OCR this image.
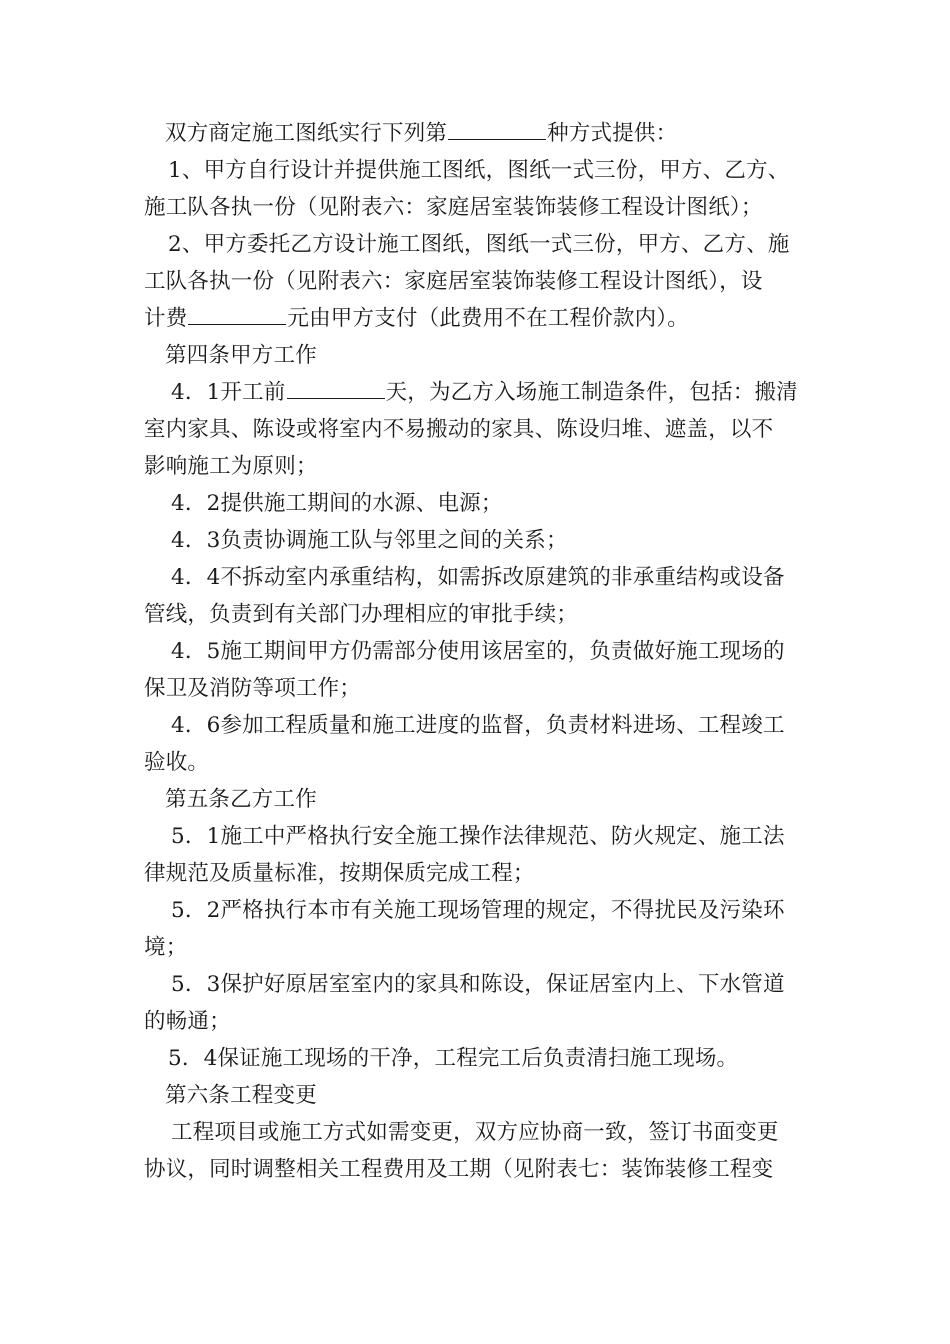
双方商定施工图纸实行下列第	种方式提供：
1、甲方自行设计并提供施工图纸，图纸一式三份，甲方、乙方、
施工队各执一份（见附表六：家庭居室装饰装修工程设计图纸）；
2、甲方委托乙方设计施工图纸，图纸一式三份，甲方、乙方、施
工队各执一份（见附表六：家庭居室装饰装修工程设计图纸），设
计费	元由甲方支付（此费用不在工程价款内）。
第四条甲方工作
4．1开工前	天，为乙方入场施工制造条件，包括：搬清
室内家具、陈设或将室内不易搬动的家具、陈设归堆、遮盖，以不
影响施工为原则；
4．2提供施工期间的水源、电源；
4．3负责协调施工队与邻里之间的关系；
4．4不拆动室内承重结构，如需拆改原建筑的非承重结构或设备
管线，负责到有关部门办理相应的审批手续；
4．5施工期间甲方仍需部分使用该居室的，负责做好施工现场的
保卫及消防等项工作；
4．6参加工程质量和施工进度的监督，负责材料进场、工程竣工
验收。
第五条乙方工作
5．1施工中严格执行安全施工操作法律规范、防火规定、施工法
律规范及质量标准，按期保质完成工程；
5．2严格执行本市有关施工现场管理的规定，不得扰民及污染环
境；
5．3保护好原居室室内的家具和陈设，保证居室内上、下水管道
的畅通；
5．4保证施工现场的干净，工程完工后负责清扫施工现场。
第六条工程变更
工程项目或施工方式如需变更，双方应协商一致，签订书面变更
协议，同时调整相关工程费用及工期（见附表七：装饰装修工程变
